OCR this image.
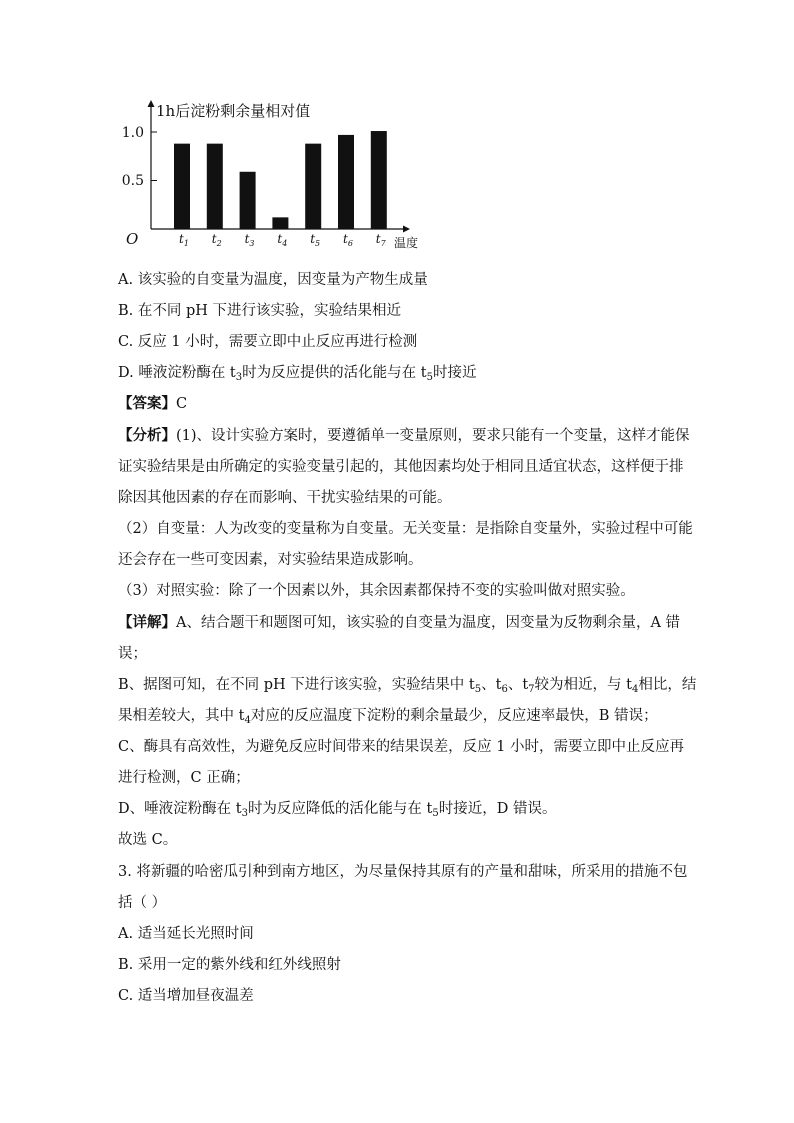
1h后淀粉剩余量相对值
温度
O
1.0
0.5
$t_1$ $t_2$ $t_3$ $t_4$ $t_5$ $t_6$ $t_7$
A. 该实验的自变量为温度，因变量为产物生成量
B. 在不同 pH 下进行该实验，实验结果相近
C. 反应 1 小时，需要立即中止反应再进行检测
D. 唾液淀粉酶在 $t_3$时为反应提供的活化能与在 $t_5$时接近
【答案】C
【分析】(1)、设计实验方案时，要遵循单一变量原则，要求只能有一个变量，这样才能保
证实验结果是由所确定的实验变量引起的，其他因素均处于相同且适宜状态，这样便于排
除因其他因素的存在而影响、干扰实验结果的可能。
（2）自变量：人为改变的变量称为自变量。无关变量：是指除自变量外，实验过程中可能
还会存在一些可变因素，对实验结果造成影响。
（3）对照实验：除了一个因素以外，其余因素都保持不变的实验叫做对照实验。
【详解】A、结合题干和题图可知，该实验的自变量为温度，因变量为反物剩余量，A 错
误；
B、据图可知，在不同 pH 下进行该实验，实验结果中 $t_5$、$t_6$、$t_7$较为相近，与 $t_4$相比，结
果相差较大，其中 $t_4$对应的反应温度下淀粉的剩余量最少，反应速率最快，B 错误；
C、酶具有高效性，为避免反应时间带来的结果误差，反应 1 小时，需要立即中止反应再
进行检测，C 正确；
D、唾液淀粉酶在 $t_3$时为反应降低的活化能与在 $t_5$时接近，D 错误。
故选 C。
3. 将新疆的哈密瓜引种到南方地区，为尽量保持其原有的产量和甜味，所采用的措施不包
括（ ）
A. 适当延长光照时间
B. 采用一定的紫外线和红外线照射
C. 适当增加昼夜温差
